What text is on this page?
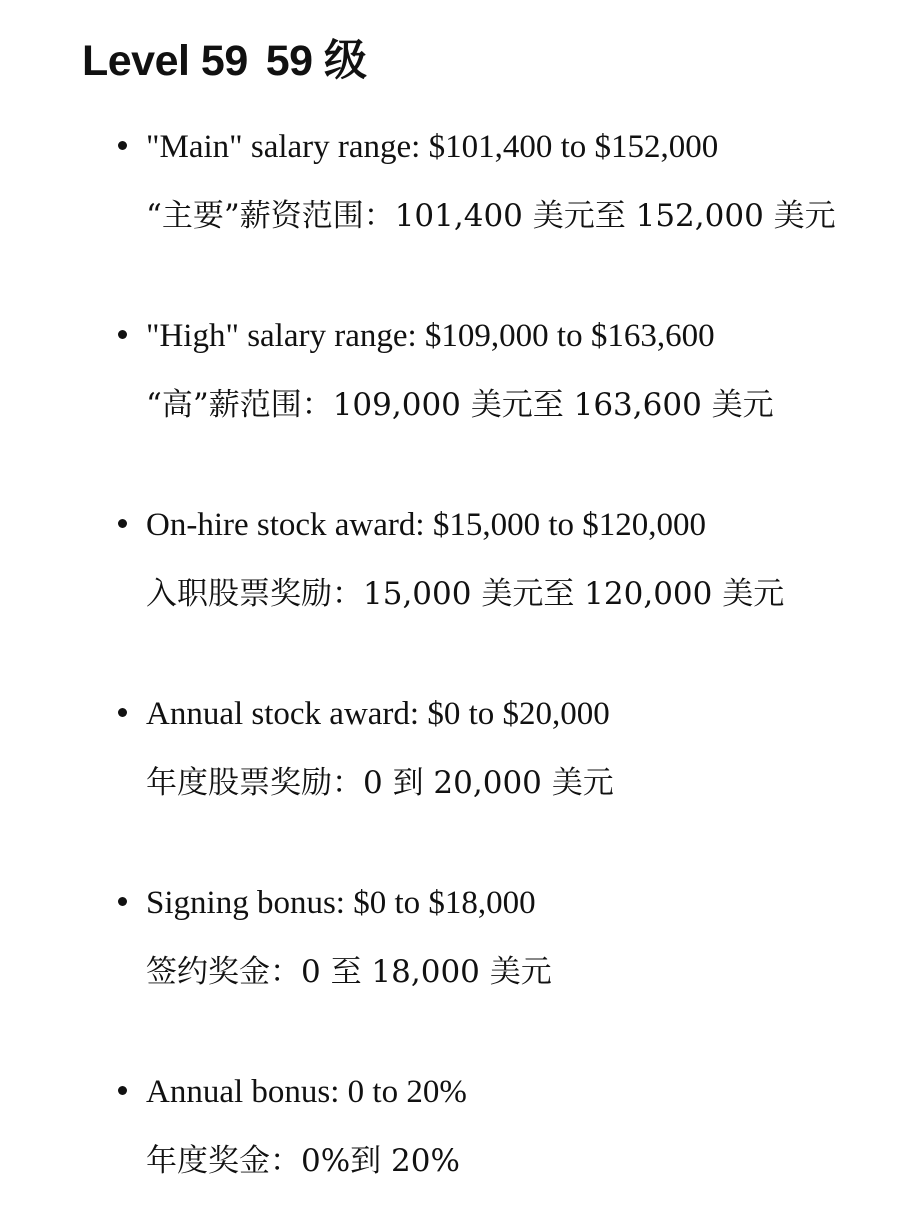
Level 59 59 级
"Main" salary range: $101,400 to $152,000
“主要”薪资范围：101,400 美元至 152,000 美元
"High" salary range: $109,000 to $163,600
“高”薪范围：109,000 美元至 163,600 美元
On-hire stock award: $15,000 to $120,000
入职股票奖励：15,000 美元至 120,000 美元
Annual stock award: $0 to $20,000
年度股票奖励：0 到 20,000 美元
Signing bonus: $0 to $18,000
签约奖金：0 至 18,000 美元
Annual bonus: 0 to 20%
年度奖金：0%到 20%
